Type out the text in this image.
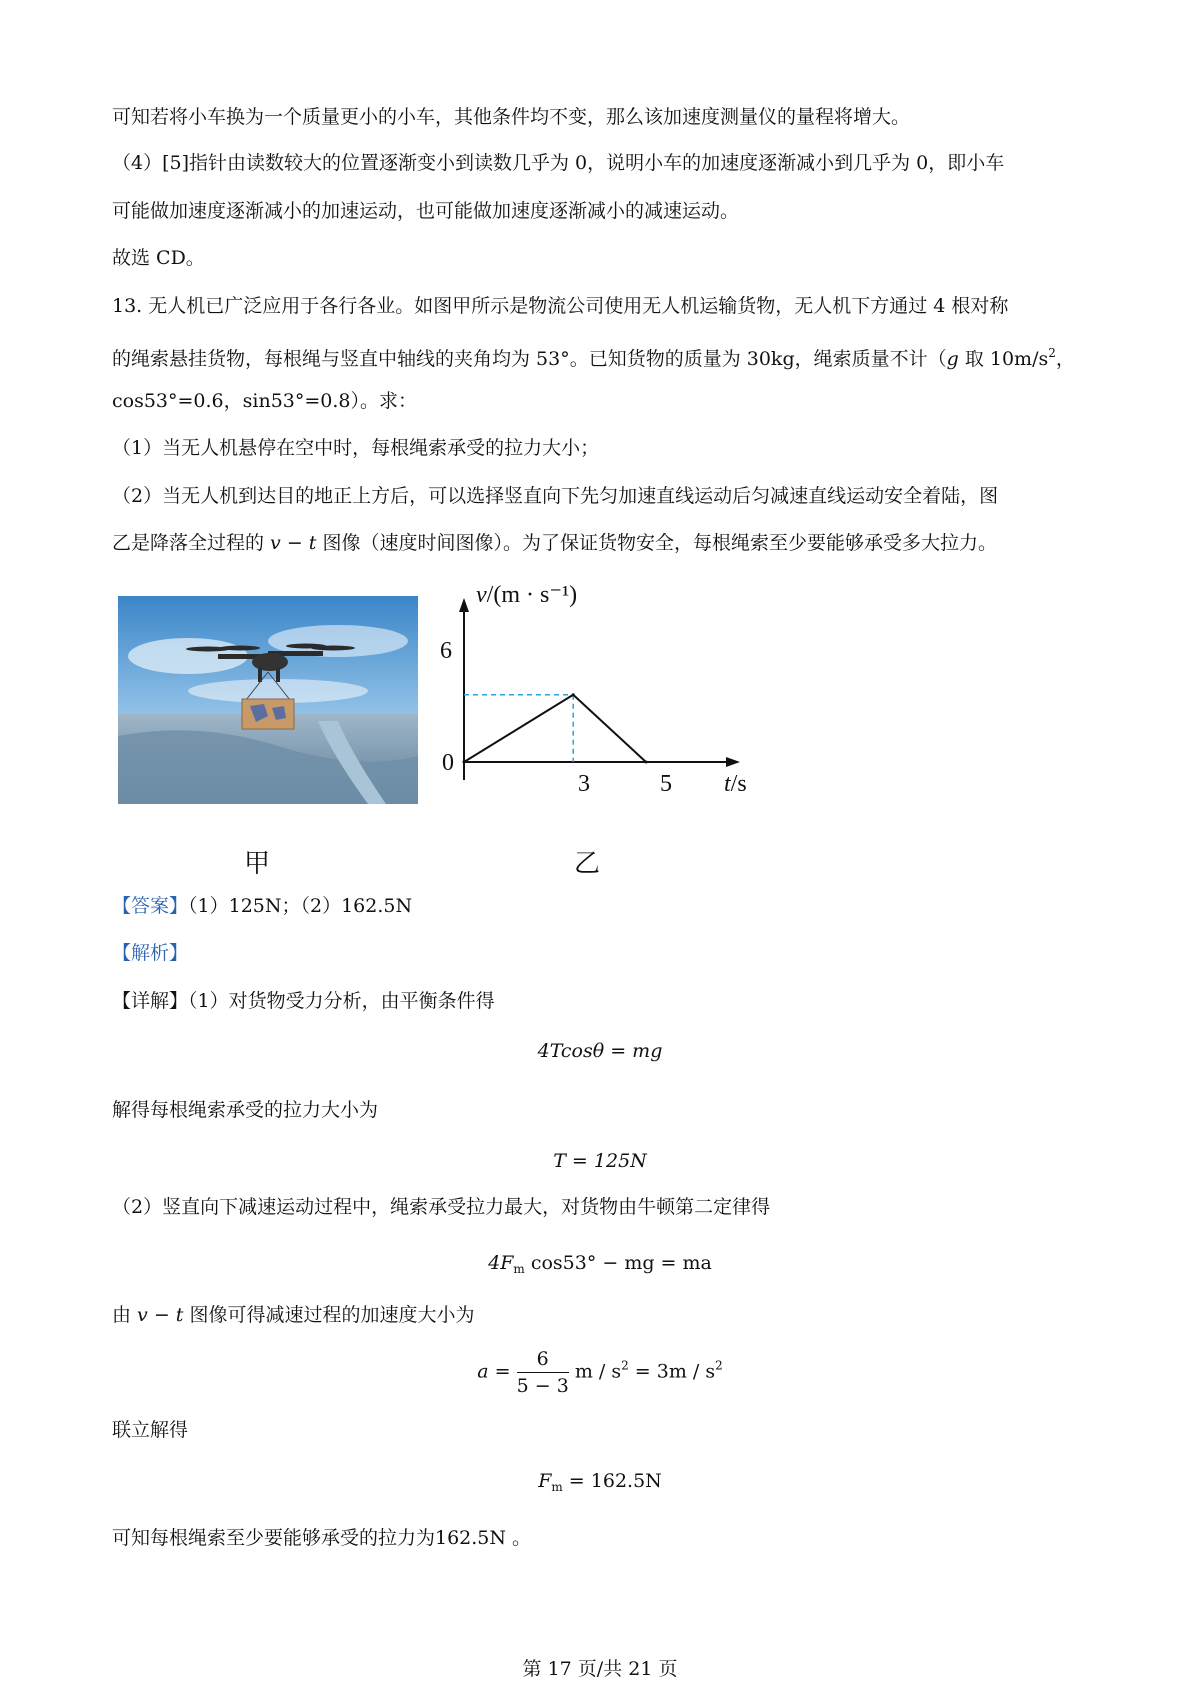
可知若将小车换为一个质量更小的小车，其他条件均不变，那么该加速度测量仪的量程将增大。
（4）[5]指针由读数较大的位置逐渐变小到读数几乎为 0，说明小车的加速度逐渐减小到几乎为 0，即小车
可能做加速度逐渐减小的加速运动，也可能做加速度逐渐减小的减速运动。
故选 CD。
13. 无人机已广泛应用于各行各业。如图甲所示是物流公司使用无人机运输货物，无人机下方通过 4 根对称
的绳索悬挂货物，每根绳与竖直中轴线的夹角均为 53°。已知货物的质量为 30kg，绳索质量不计（g 取 $10m/s^2$，
cos53°=0.6，sin53°=0.8）。求：
（1）当无人机悬停在空中时，每根绳索承受的拉力大小；
（2）当无人机到达目的地正上方后，可以选择竖直向下先匀加速直线运动后匀减速直线运动安全着陆，图
乙是降落全过程的 v − t 图像（速度时间图像）。为了保证货物安全，每根绳索至少要能够承受多大拉力。
甲
v/(m · s⁻¹)
t/s
6
0
3	5
乙
【答案】（1）125N；（2）162.5N
【解析】
【详解】（1）对货物受力分析，由平衡条件得
4Tcosθ = mg
解得每根绳索承受的拉力大小为
T = 125N
（2）竖直向下减速运动过程中，绳索承受拉力最大，对货物由牛顿第二定律得
$4F_m$ cos53° − mg = ma
由 v − t 图像可得减速过程的加速度大小为
$a = \frac{6}{5 - 3}$ $m / s^2 = 3m / s^2$
联立解得
$F_m = 162.5N$
可知每根绳索至少要能够承受的拉力为162.5N 。
第 17 页/共 21 页
